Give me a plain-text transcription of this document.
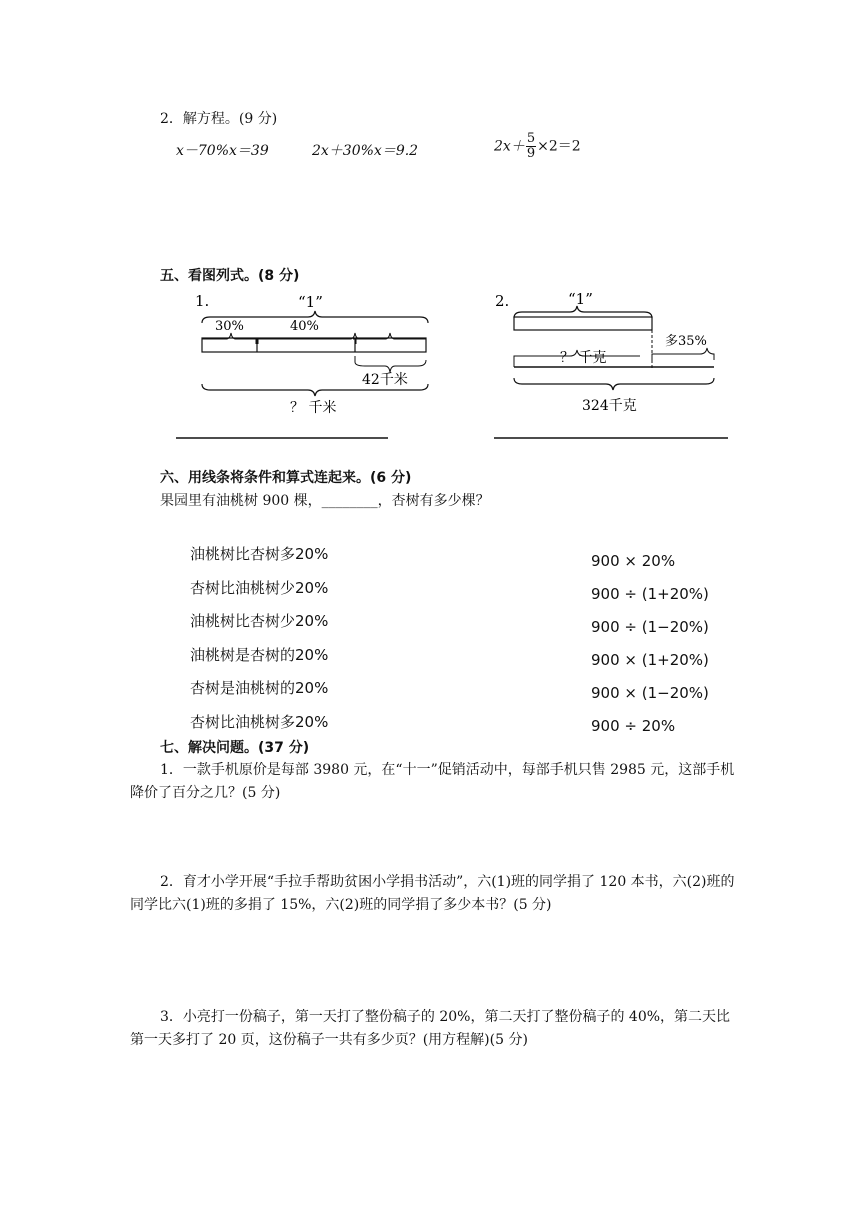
2．解方程。(9 分)
x－70%x＝39	2x＋30%x＝9.2	$2x+ \frac{5}{9} \times 2=2$
五、看图列式。(8 分)
1.	“1”
30%	40%
42千米
？ 千米
2.	“1”
多35%
？ 千克
324千克
六、用线条将条件和算式连起来。(6 分)
果园里有油桃树 900 棵，________，杏树有多少棵？
油桃树比杏树多20%
杏树比油桃树少20%
油桃树比杏树少20%
油桃树是杏树的20%
杏树是油桃树的20%
杏树比油桃树多20%
900 × 20%
900 ÷ (1+20%)
900 ÷ (1−20%)
900 × (1+20%)
900 × (1−20%)
900 ÷ 20%
七、解决问题。(37 分)
1．一款手机原价是每部 3980 元，在“十一”促销活动中，每部手机只售 2985 元，这部手机降价了百分之几？(5 分)
2．育才小学开展“手拉手帮助贫困小学捐书活动”，六(1)班的同学捐了 120 本书，六(2)班的同学比六(1)班的多捐了 15%，六(2)班的同学捐了多少本书？(5 分)
3．小亮打一份稿子，第一天打了整份稿子的 20%，第二天打了整份稿子的 40%，第二天比第一天多打了 20 页，这份稿子一共有多少页？(用方程解)(5 分)
